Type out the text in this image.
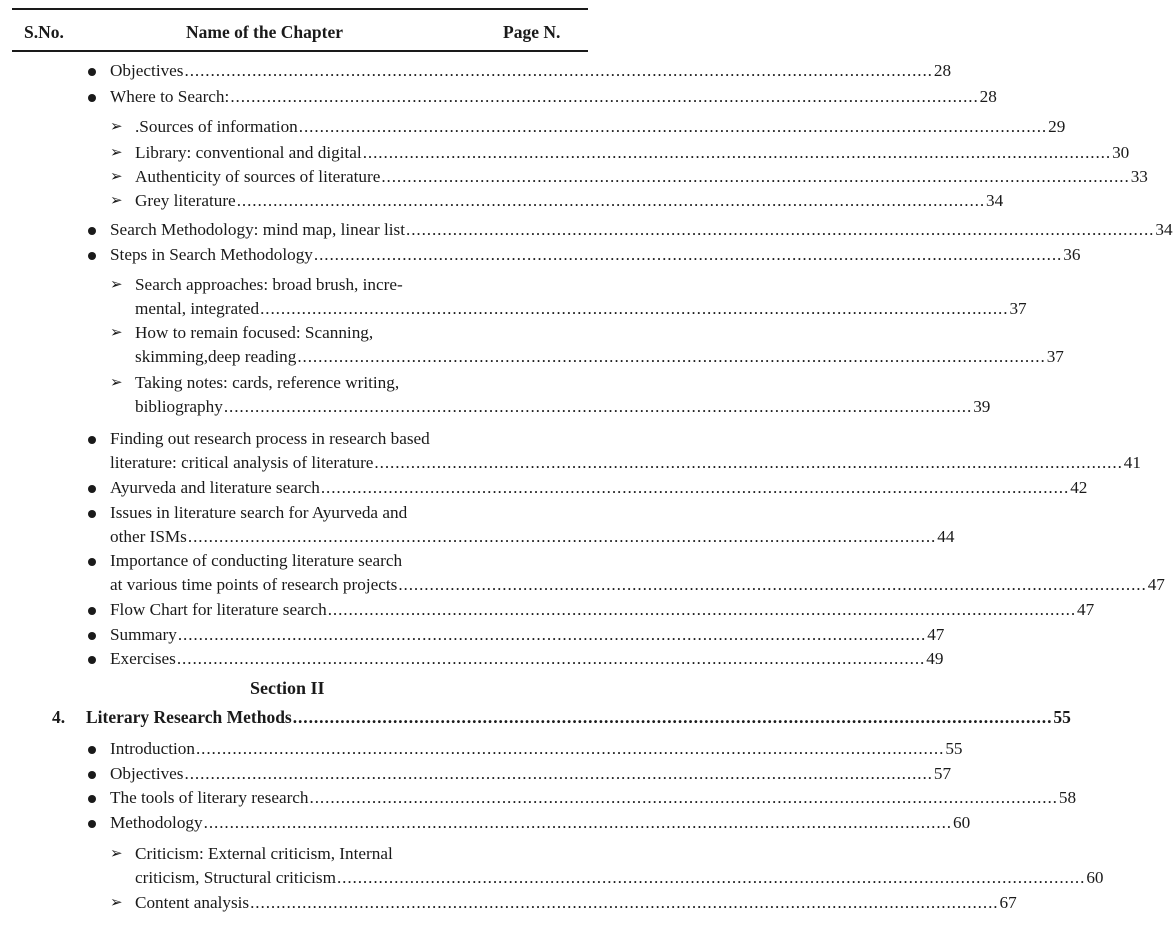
S.No.	Name of the Chapter	Page N.
Objectives ................................................................................................................................................ 28
Where to Search: ................................................................................................................................................ 28
➢ .Sources of information ................................................................................................................................................ 29
➢ Library: conventional and digital ................................................................................................................................................ 30
➢ Authenticity of sources of literature ................................................................................................................................................ 33
➢ Grey literature ................................................................................................................................................ 34
Search Methodology: mind map, linear list ................................................................................................................................................ 34
Steps in Search Methodology ................................................................................................................................................ 36
➢ Search approaches: broad brush, incre-
mental, integrated ................................................................................................................................................ 37
➢ How to remain focused: Scanning,
skimming,deep reading ................................................................................................................................................ 37
➢ Taking notes: cards, reference writing,
bibliography ................................................................................................................................................ 39
Finding out research process in research based
literature: critical analysis of literature ................................................................................................................................................ 41
Ayurveda and literature search ................................................................................................................................................ 42
Issues in literature search for Ayurveda and
other ISMs ................................................................................................................................................ 44
Importance of conducting literature search
at various time points of research projects ................................................................................................................................................ 47
Flow Chart for literature search ................................................................................................................................................ 47
Summary ................................................................................................................................................ 47
Exercises ................................................................................................................................................ 49
Section II
4. Literary Research Methods ................................................................................................................................................ 55
Introduction ................................................................................................................................................ 55
Objectives ................................................................................................................................................ 57
The tools of literary research ................................................................................................................................................ 58
Methodology ................................................................................................................................................ 60
➢ Criticism: External criticism, Internal
criticism, Structural criticism ................................................................................................................................................ 60
➢ Content analysis ................................................................................................................................................ 67
